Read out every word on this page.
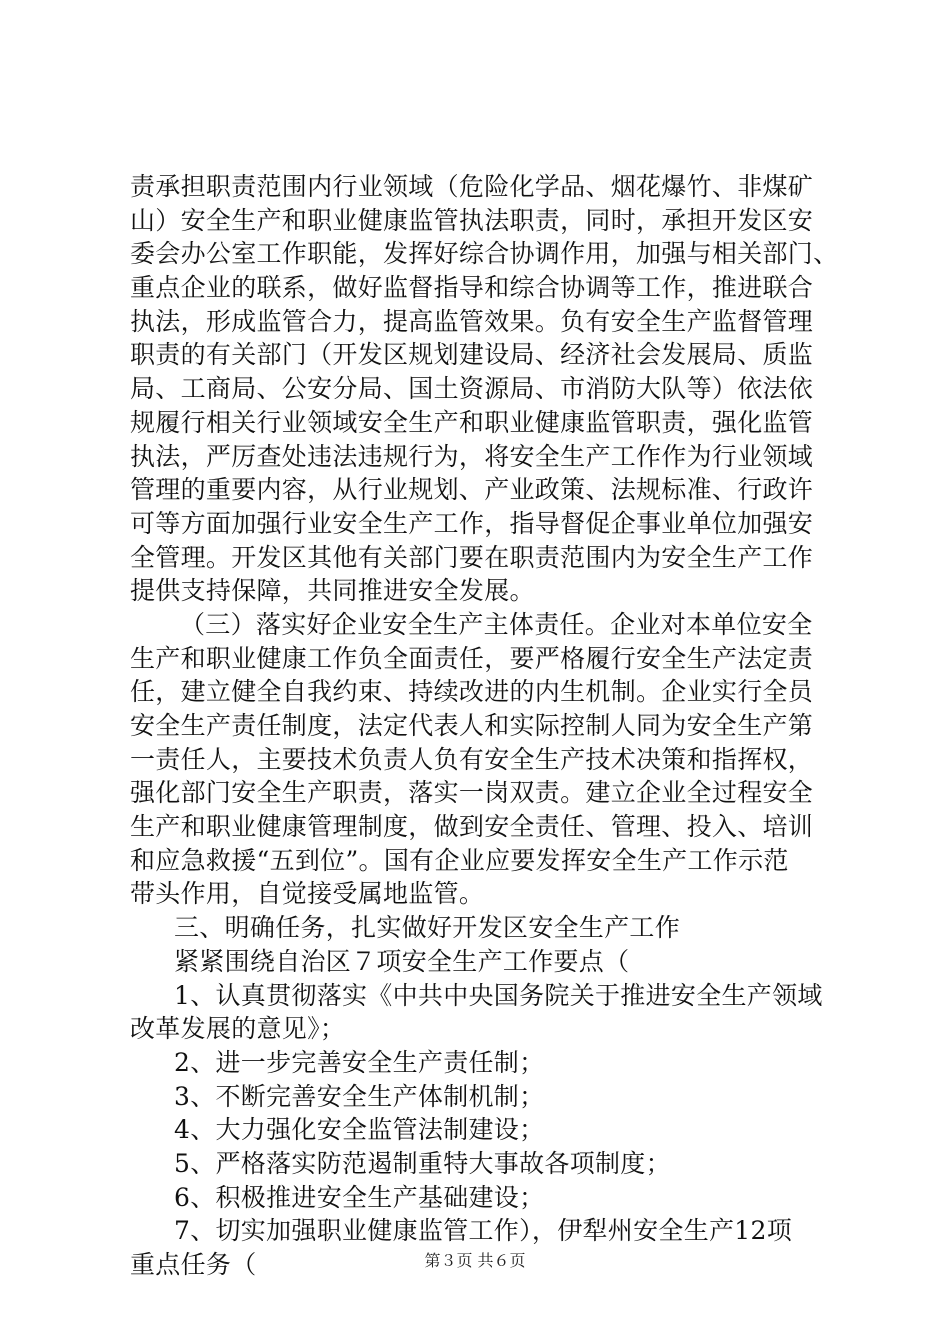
责承担职责范围内行业领域（危险化学品、烟花爆竹、非煤矿
山）安全生产和职业健康监管执法职责，同时，承担开发区安
委会办公室工作职能，发挥好综合协调作用，加强与相关部门、
重点企业的联系，做好监督指导和综合协调等工作，推进联合
执法，形成监管合力，提高监管效果。负有安全生产监督管理
职责的有关部门（开发区规划建设局、经济社会发展局、质监
局、工商局、公安分局、国土资源局、市消防大队等）依法依
规履行相关行业领域安全生产和职业健康监管职责，强化监管
执法，严厉查处违法违规行为，将安全生产工作作为行业领域
管理的重要内容，从行业规划、产业政策、法规标准、行政许
可等方面加强行业安全生产工作，指导督促企事业单位加强安
全管理。开发区其他有关部门要在职责范围内为安全生产工作
提供支持保障，共同推进安全发展。
（三）落实好企业安全生产主体责任。企业对本单位安全
生产和职业健康工作负全面责任，要严格履行安全生产法定责
任，建立健全自我约束、持续改进的内生机制。企业实行全员
安全生产责任制度，法定代表人和实际控制人同为安全生产第
一责任人，主要技术负责人负有安全生产技术决策和指挥权，
强化部门安全生产职责，落实一岗双责。建立企业全过程安全
生产和职业健康管理制度，做到安全责任、管理、投入、培训
和应急救援“五到位”。国有企业应要发挥安全生产工作示范
带头作用，自觉接受属地监管。
三、明确任务，扎实做好开发区安全生产工作
紧紧围绕自治区７项安全生产工作要点（
1、认真贯彻落实《中共中央国务院关于推进安全生产领域
改革发展的意见》；
2、进一步完善安全生产责任制；
3、不断完善安全生产体制机制；
4、大力强化安全监管法制建设；
5、严格落实防范遏制重特大事故各项制度；
6、积极推进安全生产基础建设；
7、切实加强职业健康监管工作），伊犁州安全生产12项
重点任务（	第３页 共６页
